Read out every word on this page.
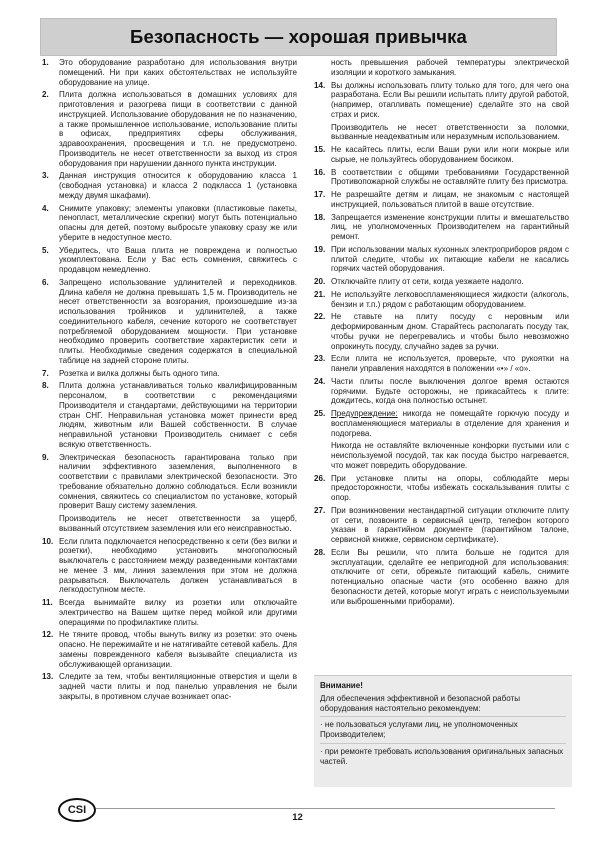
Безопасность — хорошая привычка
1.	Это оборудование разработано для использования внутри помещений. Ни при каких обстоятельствах не используйте оборудование на улице.
2.	Плита должна использоваться в домашних условиях для приготовления и разогрева пищи в соответствии с данной инструкцией. Использование оборудования не по назначению, а также промышленное использование, использование плиты в офисах, предприятиях сферы обслуживания, здравоохранения, просвещения и т.п. не предусмотрено. Производитель не несет ответственности за выход из строя оборудования при нарушении данного пункта инструкции.
3.	Данная инструкция относится к оборудованию класса 1 (свободная установка) и класса 2 подкласса 1 (установка между двумя шкафами).
4.	Снимите упаковку; элементы упаковки (пластиковые пакеты, пенопласт, металлические скрепки) могут быть потенциально опасны для детей, поэтому выбросьте упаковку сразу же или уберите в недоступное место.
5.	Убедитесь, что Ваша плита не повреждена и полностью укомплектована. Если у Вас есть сомнения, свяжитесь с продавцом немедленно.
6.	Запрещено использование удлинителей и переходников. Длина кабеля не должна превышать 1,5 м. Производитель не несет ответственности за возгорания, произошедшие из-за использования тройников и удлинителей, а также соединительного кабеля, сечение которого не соответствует потребляемой оборудованием мощности. При установке необходимо проверить соответствие характеристик сети и плиты. Необходимые сведения содержатся в специальной таблице на задней стороне плиты.
7.	Розетка и вилка должны быть одного типа.
8.	Плита должна устанавливаться только квалифицированным персоналом, в соответствии с рекомендациями Производителя и стандартами, действующими на территории стран СНГ. Неправильная установка может принести вред людям, животным или Вашей собственности. В случае неправильной установки Производитель снимает с себя всякую ответственность.
9.	Электрическая безопасность гарантирована только при наличии эффективного заземления, выполненного в соответствии с правилами электрической безопасности. Это требование обязательно должно соблюдаться. Если возникли сомнения, свяжитесь со специалистом по установке, который проверит Вашу систему заземления.
Производитель не несет ответственности за ущерб, вызванный отсутствием заземления или его неисправностью.
10. Если плита подключается непосредственно к сети (без вилки и розетки), необходимо установить многополюсный выключатель с расстоянием между разведенными контактами не менее 3 мм, линия заземления при этом не должна разрываться. Выключатель должен устанавливаться в легкодоступном месте.
11. Всегда вынимайте вилку из розетки или отключайте электричество на Вашем щитке перед мойкой или другими операциями по профилактике плиты.
12. Не тяните провод, чтобы вынуть вилку из розетки: это очень опасно. Не пережимайте и не натягивайте сетевой кабель. Для замены поврежденного кабеля вызывайте специалиста из обслуживающей организации.
13. Следите за тем, чтобы вентиляционные отверстия и щели в задней части плиты и под панелью управления не были закрыты, в противном случае возникает опас-
ность превышения рабочей температуры электрической изоляции и короткого замыкания.
14. Вы должны использовать плиту только для того, для чего она разработана. Если Вы решили испытать плиту другой работой, (например, отапливать помещение) сделайте это на свой страх и риск.
Производитель не несет ответственности за поломки, вызванные неадекватным или неразумным использованием.
15. Не касайтесь плиты, если Ваши руки или ноги мокрые или сырые, не пользуйтесь оборудованием босиком.
16. В соответствии с общими требованиями Государственной Противопожарной службы не оставляйте плиту без присмотра.
17. Не разрешайте детям и лицам, не знакомым с настоящей инструкцией, пользоваться плитой в ваше отсутствие.
18. Запрещается изменение конструкции плиты и вмешательство лиц, не уполномоченных Производителем на гарантийный ремонт.
19. При использовании малых кухонных электроприборов рядом с плитой следите, чтобы их питающие кабели не касались горячих частей оборудования.
20. Отключайте плиту от сети, когда уезжаете надолго.
21. Не используйте легковоспламеняющиеся жидкости (алкоголь, бензин и т.п.) рядом с работающим оборудованием.
22. Не ставьте на плиту посуду с неровным или деформированным дном. Старайтесь располагать посуду так, чтобы ручки не перегревались и чтобы было невозможно опрокинуть посуду, случайно задев за ручки.
23. Если плита не используется, проверьте, что рукоятки на панели управления находятся в положении «•» / «o».
24. Части плиты после выключения долгое время остаются горячими. Будьте осторожны, не прикасайтесь к плите: дождитесь, когда она полностью остынет.
25. Предупреждение: никогда не помещайте горючую посуду и воспламеняющиеся материалы в отделение для хранения и подогрева.
Никогда не оставляйте включенные конфорки пустыми или с неиспользуемой посудой, так как посуда быстро нагревается, что может повредить оборудование.
26. При установке плиты на опоры, соблюдайте меры предосторожности, чтобы избежать соскальзывания плиты с опор.
27. При возникновении нестандартной ситуации отключите плиту от сети, позвоните в сервисный центр, телефон которого указан в гарантийном документе (гарантийном талоне, сервисной книжке, сервисном сертификате).
28. Если Вы решили, что плита больше не годится для эксплуатации, сделайте ее непригодной для использования: отключите от сети, обрежьте питающий кабель, снимите потенциально опасные части (это особенно важно для безопасности детей, которые могут играть с неиспользуемыми или выброшенными приборами).
Внимание!
Для обеспечения эффективной и безопасной работы оборудования настоятельно рекомендуем:
· не пользоваться услугами лиц, не уполномоченных Производителем;
· при ремонте требовать использования оригинальных запасных частей.
CSI
12
